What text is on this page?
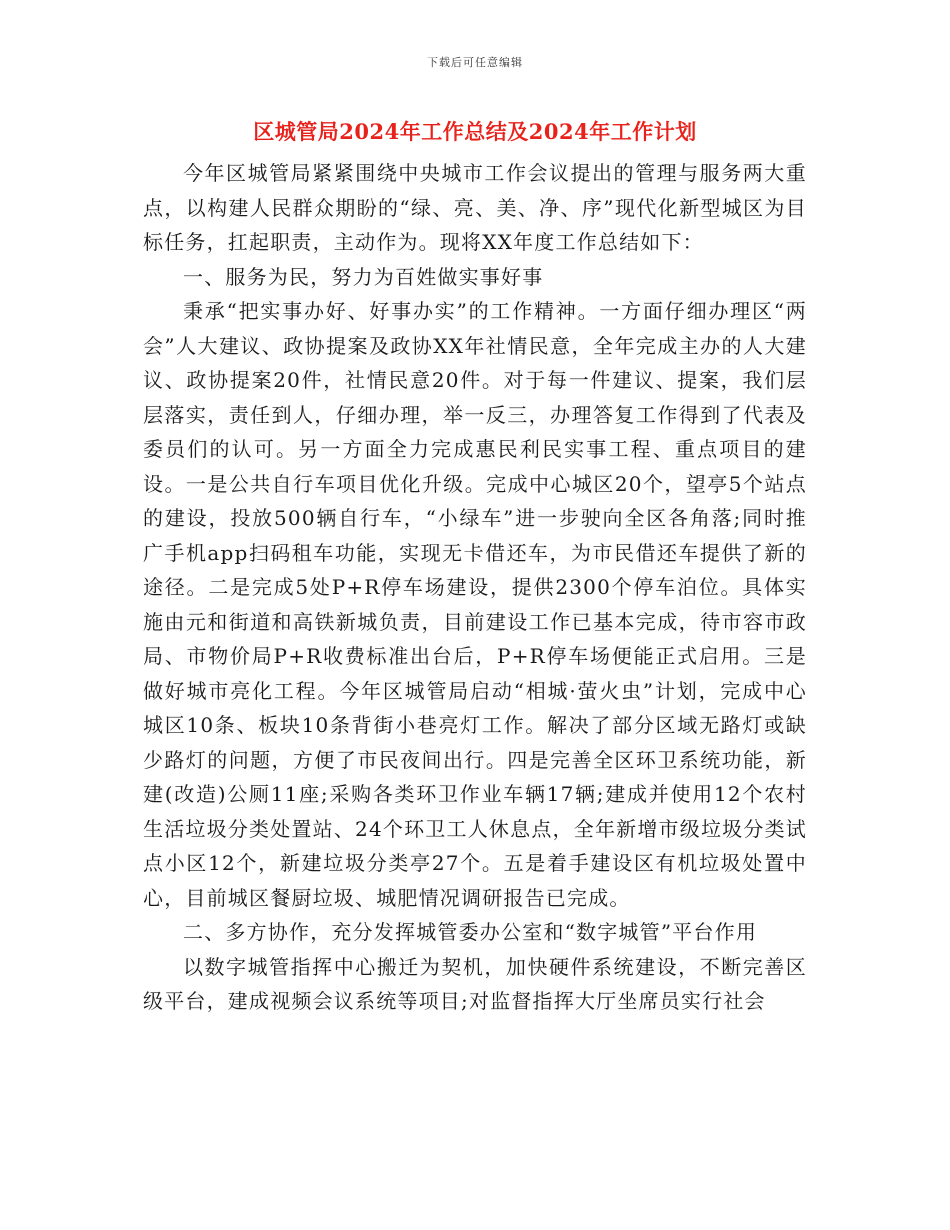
下载后可任意编辑
区城管局2024年工作总结及2024年工作计划

今年区城管局紧紧围绕中央城市工作会议提出的管理与服务两大重点，以构建人民群众期盼的“绿、亮、美、净、序”现代化新型城区为目标任务，扛起职责，主动作为。现将XX年度工作总结如下：

一、服务为民，努力为百姓做实事好事

秉承“把实事办好、好事办实”的工作精神。一方面仔细办理区“两会”人大建议、政协提案及政协XX年社情民意，全年完成主办的人大建议、政协提案20件，社情民意20件。对于每一件建议、提案，我们层层落实，责任到人，仔细办理，举一反三，办理答复工作得到了代表及委员们的认可。另一方面全力完成惠民利民实事工程、重点项目的建设。一是公共自行车项目优化升级。完成中心城区20个，望亭5个站点的建设，投放500辆自行车，“小绿车”进一步驶向全区各角落;同时推广手机app扫码租车功能，实现无卡借还车，为市民借还车提供了新的途径。二是完成5处P+R停车场建设，提供2300个停车泊位。具体实施由元和街道和高铁新城负责，目前建设工作已基本完成，待市容市政局、市物价局P+R收费标准出台后，P+R停车场便能正式启用。三是做好城市亮化工程。今年区城管局启动“相城·萤火虫”计划，完成中心城区10条、板块10条背街小巷亮灯工作。解决了部分区域无路灯或缺少路灯的问题，方便了市民夜间出行。四是完善全区环卫系统功能，新建(改造)公厕11座;采购各类环卫作业车辆17辆;建成并使用12个农村生活垃圾分类处置站、24个环卫工人休息点，全年新增市级垃圾分类试点小区12个，新建垃圾分类亭27个。五是着手建设区有机垃圾处置中心，目前城区餐厨垃圾、城肥情况调研报告已完成。

二、多方协作，充分发挥城管委办公室和“数字城管”平台作用

以数字城管指挥中心搬迁为契机，加快硬件系统建设，不断完善区级平台，建成视频会议系统等项目;对监督指挥大厅坐席员实行社会
